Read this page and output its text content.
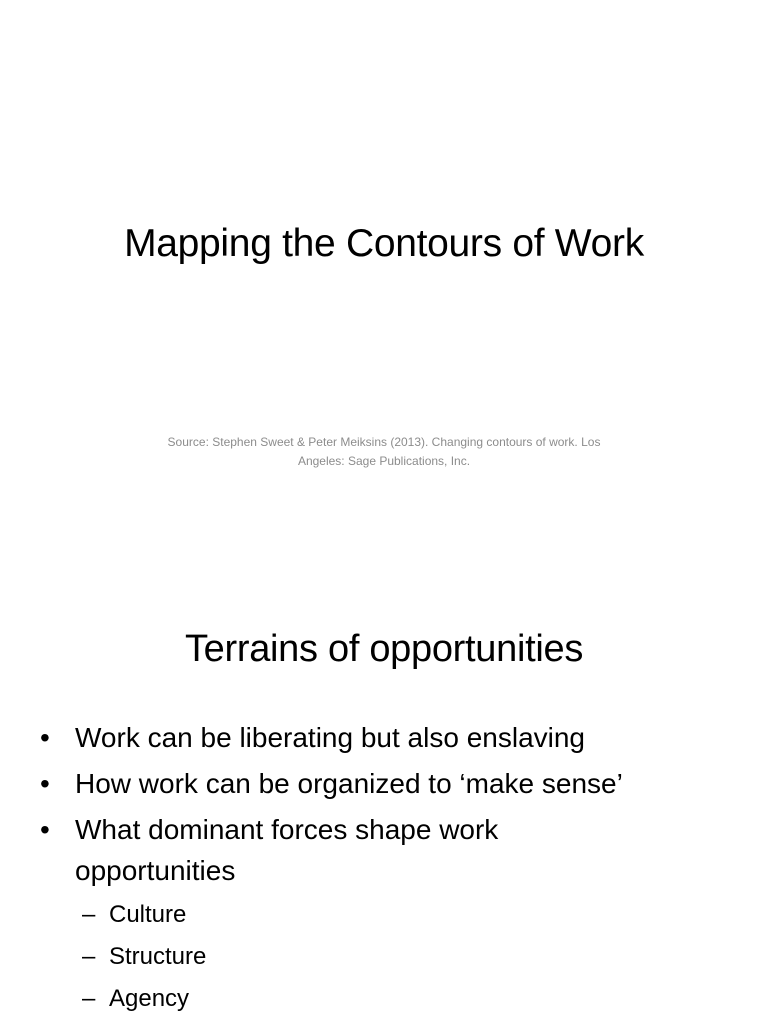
Mapping the Contours of Work
Source: Stephen Sweet & Peter Meiksins (2013). Changing contours of work. Los
Angeles: Sage Publications, Inc.
Terrains of opportunities
• Work can be liberating but also enslaving
• How work can be organized to ‘make sense’
• What dominant forces shape work opportunities
– Culture
– Structure
– Agency
